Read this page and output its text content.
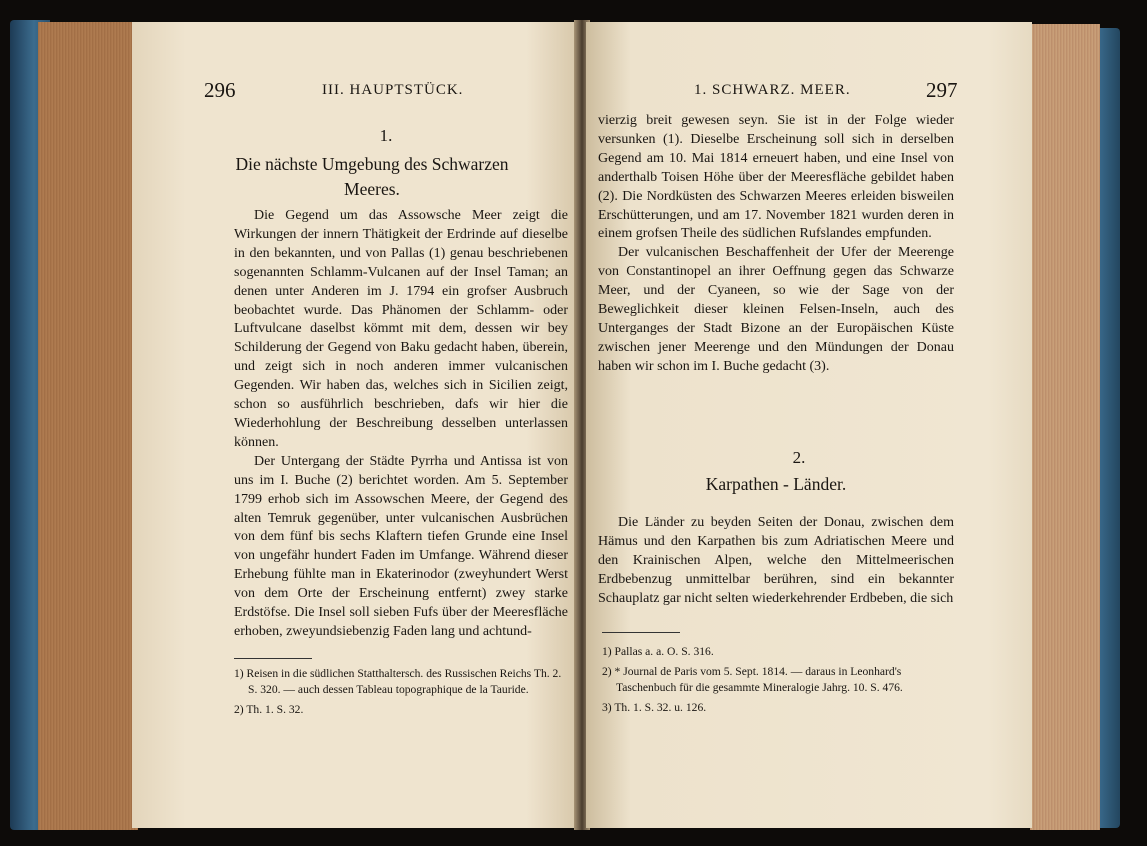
296	III. HAUPTSTÜCK.
1.
Die nächste Umgebung des Schwarzen Meeres.

Die Gegend um das Assowsche Meer zeigt die Wirkungen der innern Thätigkeit der Erdrinde auf dieselbe in den bekannten, und von Pallas (1) genau beschriebenen sogenannten Schlamm-Vulcanen auf der Insel Taman; an denen unter Anderen im J. 1794 ein grofser Ausbruch beobachtet wurde. Das Phänomen der Schlamm- oder Luftvulcane daselbst kömmt mit dem, dessen wir bey Schilderung der Gegend von Baku gedacht haben, überein, und zeigt sich in noch anderen immer vulcanischen Gegenden. Wir haben das, welches sich in Sicilien zeigt, schon so ausführlich beschrieben, dafs wir hier die Wiederhohlung der Beschreibung desselben unterlassen können.

Der Untergang der Städte Pyrrha und Antissa ist von uns im I. Buche (2) berichtet worden. Am 5. September 1799 erhob sich im Assowschen Meere, der Gegend des alten Temruk gegenüber, unter vulcanischen Ausbrüchen von dem fünf bis sechs Klaftern tiefen Grunde eine Insel von ungefähr hundert Faden im Umfange. Während dieser Erhebung fühlte man in Ekaterinodor (zweyhundert Werst von dem Orte der Erscheinung entfernt) zwey starke Erdstöfse. Die Insel soll sieben Fufs über der Meeresfläche erhoben, zweyundsiebenzig Faden lang und achtund-

1) Reisen in die südlichen Statthaltersch. des Russischen Reichs Th. 2. S. 320. — auch dessen Tableau topographique de la Tauride.
2) Th. 1. S. 32.
1. SCHWARZ. MEER.	297

vierzig breit gewesen seyn. Sie ist in der Folge wieder versunken (1). Dieselbe Erscheinung soll sich in derselben Gegend am 10. Mai 1814 erneuert haben, und eine Insel von anderthalb Toisen Höhe über der Meeresfläche gebildet haben (2). Die Nordküsten des Schwarzen Meeres erleiden bisweilen Erschütterungen, und am 17. November 1821 wurden deren in einem grofsen Theile des südlichen Rufslandes empfunden.

Der vulcanischen Beschaffenheit der Ufer der Meerenge von Constantinopel an ihrer Oeffnung gegen das Schwarze Meer, und der Cyaneen, so wie der Sage von der Beweglichkeit dieser kleinen Felsen-Inseln, auch des Unterganges der Stadt Bizone an der Europäischen Küste zwischen jener Meerenge und den Mündungen der Donau haben wir schon im I. Buche gedacht (3).

2.
Karpathen - Länder.

Die Länder zu beyden Seiten der Donau, zwischen dem Hämus und den Karpathen bis zum Adriatischen Meere und den Krainischen Alpen, welche den Mittelmeerischen Erdbebenzug unmittelbar berühren, sind ein bekannter Schauplatz gar nicht selten wiederkehrender Erdbeben, die sich

1) Pallas a. a. O. S. 316.
2) * Journal de Paris vom 5. Sept. 1814. — daraus in Leonhard's Taschenbuch für die gesammte Mineralogie Jahrg. 10. S. 476.
3) Th. 1. S. 32. u. 126.
